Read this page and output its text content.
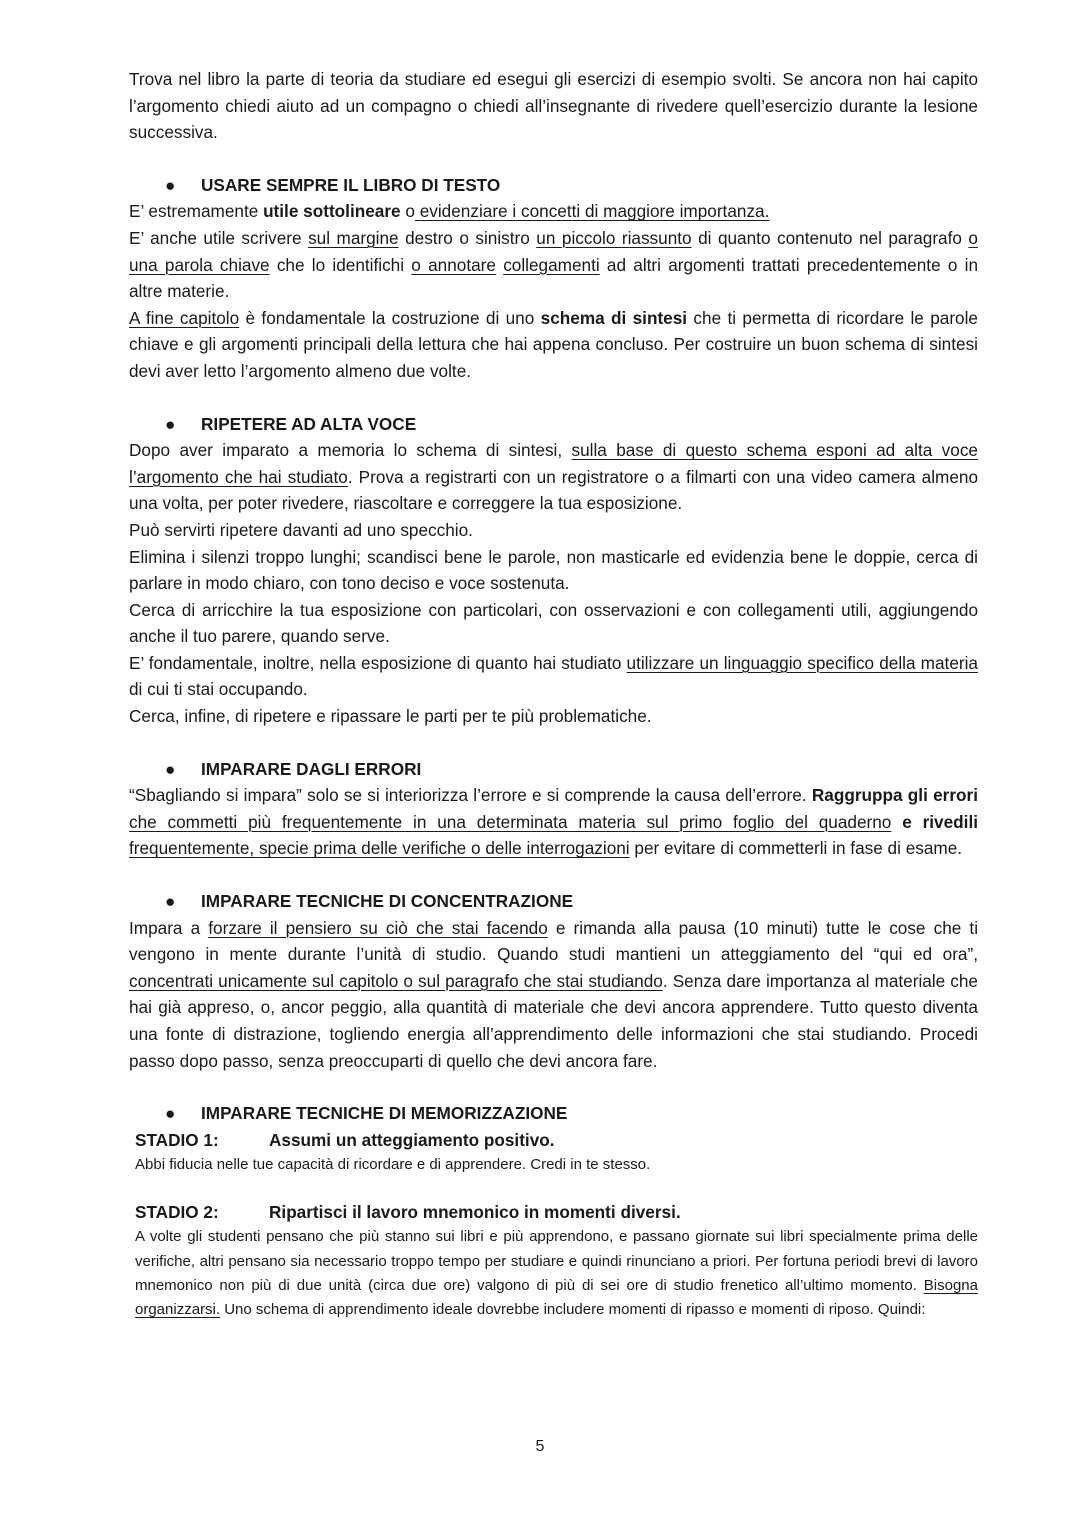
Trova nel libro la parte di teoria da studiare ed esegui gli esercizi di esempio svolti. Se ancora non hai capito l’argomento chiedi aiuto ad un compagno o chiedi all’insegnante di rivedere quell’esercizio durante la lesione successiva.

● USARE SEMPRE IL LIBRO DI TESTO

E’ estremamente utile sottolineare o evidenziare i concetti di maggiore importanza.

E’ anche utile scrivere sul margine destro o sinistro un piccolo riassunto di quanto contenuto nel paragrafo o una parola chiave che lo identifichi o annotare collegamenti ad altri argomenti trattati precedentemente o in altre materie.

A fine capitolo è fondamentale la costruzione di uno schema di sintesi che ti permetta di ricordare le parole chiave e gli argomenti principali della lettura che hai appena concluso. Per costruire un buon schema di sintesi devi aver letto l’argomento almeno due volte.

● RIPETERE AD ALTA VOCE

Dopo aver imparato a memoria lo schema di sintesi, sulla base di questo schema esponi ad alta voce l’argomento che hai studiato. Prova a registrarti con un registratore o a filmarti con una video camera almeno una volta, per poter rivedere, riascoltare e correggere la tua esposizione.

Può servirti ripetere davanti ad uno specchio.

Elimina i silenzi troppo lunghi; scandisci bene le parole, non masticarle ed evidenzia bene le doppie, cerca di parlare in modo chiaro, con tono deciso e voce sostenuta.

Cerca di arricchire la tua esposizione con particolari, con osservazioni e con collegamenti utili, aggiungendo anche il tuo parere, quando serve.

E’ fondamentale, inoltre, nella esposizione di quanto hai studiato utilizzare un linguaggio specifico della materia di cui ti stai occupando.

Cerca, infine, di ripetere e ripassare le parti per te più problematiche.

● IMPARARE DAGLI ERRORI

“Sbagliando si impara” solo se si interiorizza l’errore e si comprende la causa dell’errore. Raggruppa gli errori che commetti più frequentemente in una determinata materia sul primo foglio del quaderno e rivedili frequentemente, specie prima delle verifiche o delle interrogazioni per evitare di commetterli in fase di esame.

● IMPARARE TECNICHE DI CONCENTRAZIONE

Impara a forzare il pensiero su ciò che stai facendo e rimanda alla pausa (10 minuti) tutte le cose che ti vengono in mente durante l’unità di studio. Quando studi mantieni un atteggiamento del “qui ed ora”, concentrati unicamente sul capitolo o sul paragrafo che stai studiando. Senza dare importanza al materiale che hai già appreso, o, ancor peggio, alla quantità di materiale che devi ancora apprendere. Tutto questo diventa una fonte di distrazione, togliendo energia all’apprendimento delle informazioni che stai studiando. Procedi passo dopo passo, senza preoccuparti di quello che devi ancora fare.

● IMPARARE TECNICHE DI MEMORIZZAZIONE

STADIO 1:	Assumi un atteggiamento positivo.

Abbi fiducia nelle tue capacità di ricordare e di apprendere. Credi in te stesso.

STADIO 2:	Ripartisci il lavoro mnemonico in momenti diversi.

A volte gli studenti pensano che più stanno sui libri e più apprendono, e passano giornate sui libri specialmente prima delle verifiche, altri pensano sia necessario troppo tempo per studiare e quindi rinunciano a priori. Per fortuna periodi brevi di lavoro mnemonico non più di due unità (circa due ore) valgono di più di sei ore di studio frenetico all’ultimo momento. Bisogna organizzarsi. Uno schema di apprendimento ideale dovrebbe includere momenti di ripasso e momenti di riposo. Quindi:

5
